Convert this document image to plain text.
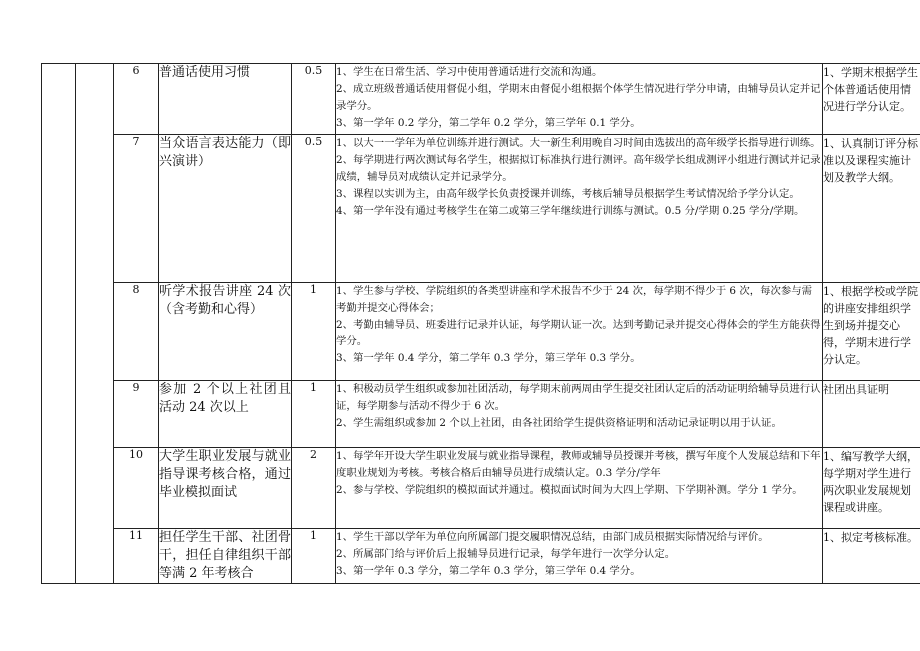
		6	普通话使用习惯	0.5	1、学生在日常生活、学习中使用普通话进行交流和沟通。

2、成立班级普通话使用督促小组，学期末由督促小组根据个体学生情况进行学分申请，由辅导员认定并记录学分。

3、第一学年 0.2 学分，第二学年 0.2 学分，第三学年 0.1 学分。	1、学期末根据学生个体普通话使用情况进行学分认定。
		7	当众语言表达能力（即兴演讲）	0.5	1、以大一一学年为单位训练并进行测试。大一新生利用晚自习时间由选拔出的高年级学长指导进行训练。

2、每学期进行两次测试每名学生，根据拟订标准执行进行测评。高年级学长组成测评小组进行测试并记录成绩，辅导员对成绩认定并记录学分。

3、课程以实训为主，由高年级学长负责授课并训练，考核后辅导员根据学生考试情况给予学分认定。

4、第一学年没有通过考核学生在第二或第三学年继续进行训练与测试。0.5 分/学期 0.25 学分/学期。	1、认真制订评分标准以及课程实施计划及教学大纲。
		8	听学术报告讲座 24 次（含考勤和心得）	1	1、学生参与学校、学院组织的各类型讲座和学术报告不少于 24 次，每学期不得少于 6 次，每次参与需考勤并提交心得体会；

2、考勤由辅导员、班委进行记录并认证，每学期认证一次。达到考勤记录并提交心得体会的学生方能获得学分。

3、第一学年 0.4 学分，第二学年 0.3 学分，第三学年 0.3 学分。	1、根据学校或学院的讲座安排组织学生到场并提交心得，学期末进行学分认定。
		9	参加 2 个以上社团且活动 24 次以上	1	1、积极动员学生组织或参加社团活动，每学期末前两周由学生提交社团认定后的活动证明给辅导员进行认证，每学期参与活动不得少于 6 次。

2、学生需组织或参加 2 个以上社团，由各社团给学生提供资格证明和活动记录证明以用于认证。	社团出具证明
		10	大学生职业发展与就业指导课考核合格，通过毕业模拟面试	2	1、每学年开设大学生职业发展与就业指导课程，教师或辅导员授课并考核，撰写年度个人发展总结和下年度职业规划为考核。考核合格后由辅导员进行成绩认定。0.3 学分/学年

2、参与学校、学院组织的模拟面试并通过。模拟面试时间为大四上学期、下学期补测。学分 1 学分。	1、编写教学大纲，每学期对学生进行两次职业发展规划课程或讲座。
		11	担任学生干部、社团骨干，担任自律组织干部等满 2 年考核合	1	1、学生干部以学年为单位向所属部门提交履职情况总结，由部门成员根据实际情况给与评价。

2、所属部门给与评价后上报辅导员进行记录，每学年进行一次学分认定。

3、第一学年 0.3 学分，第二学年 0.3 学分，第三学年 0.4 学分。	1、拟定考核标准。
